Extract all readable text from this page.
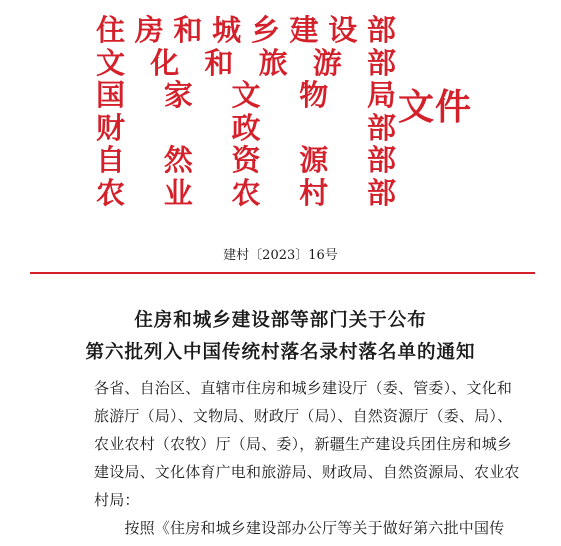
住 房 和 城 乡 建 设 部
文 化 和 旅 游 部
国 家 文 物 局
财	政	部
自 然 资 源 部
农 业 农 村 部
文件
建村〔2023〕16号
住房和城乡建设部等部门关于公布
第六批列入中国传统村落名录村落名单的通知
各省、自治区、直辖市住房和城乡建设厅（委、管委）、文化和
旅游厅（局）、文物局、财政厅（局）、自然资源厅（委、局）、
农业农村（农牧）厅（局、委），新疆生产建设兵团住房和城乡
建设局、文化体育广电和旅游局、财政局、自然资源局、农业农
村局：
　　按照《住房和城乡建设部办公厅等关于做好第六批中国传
